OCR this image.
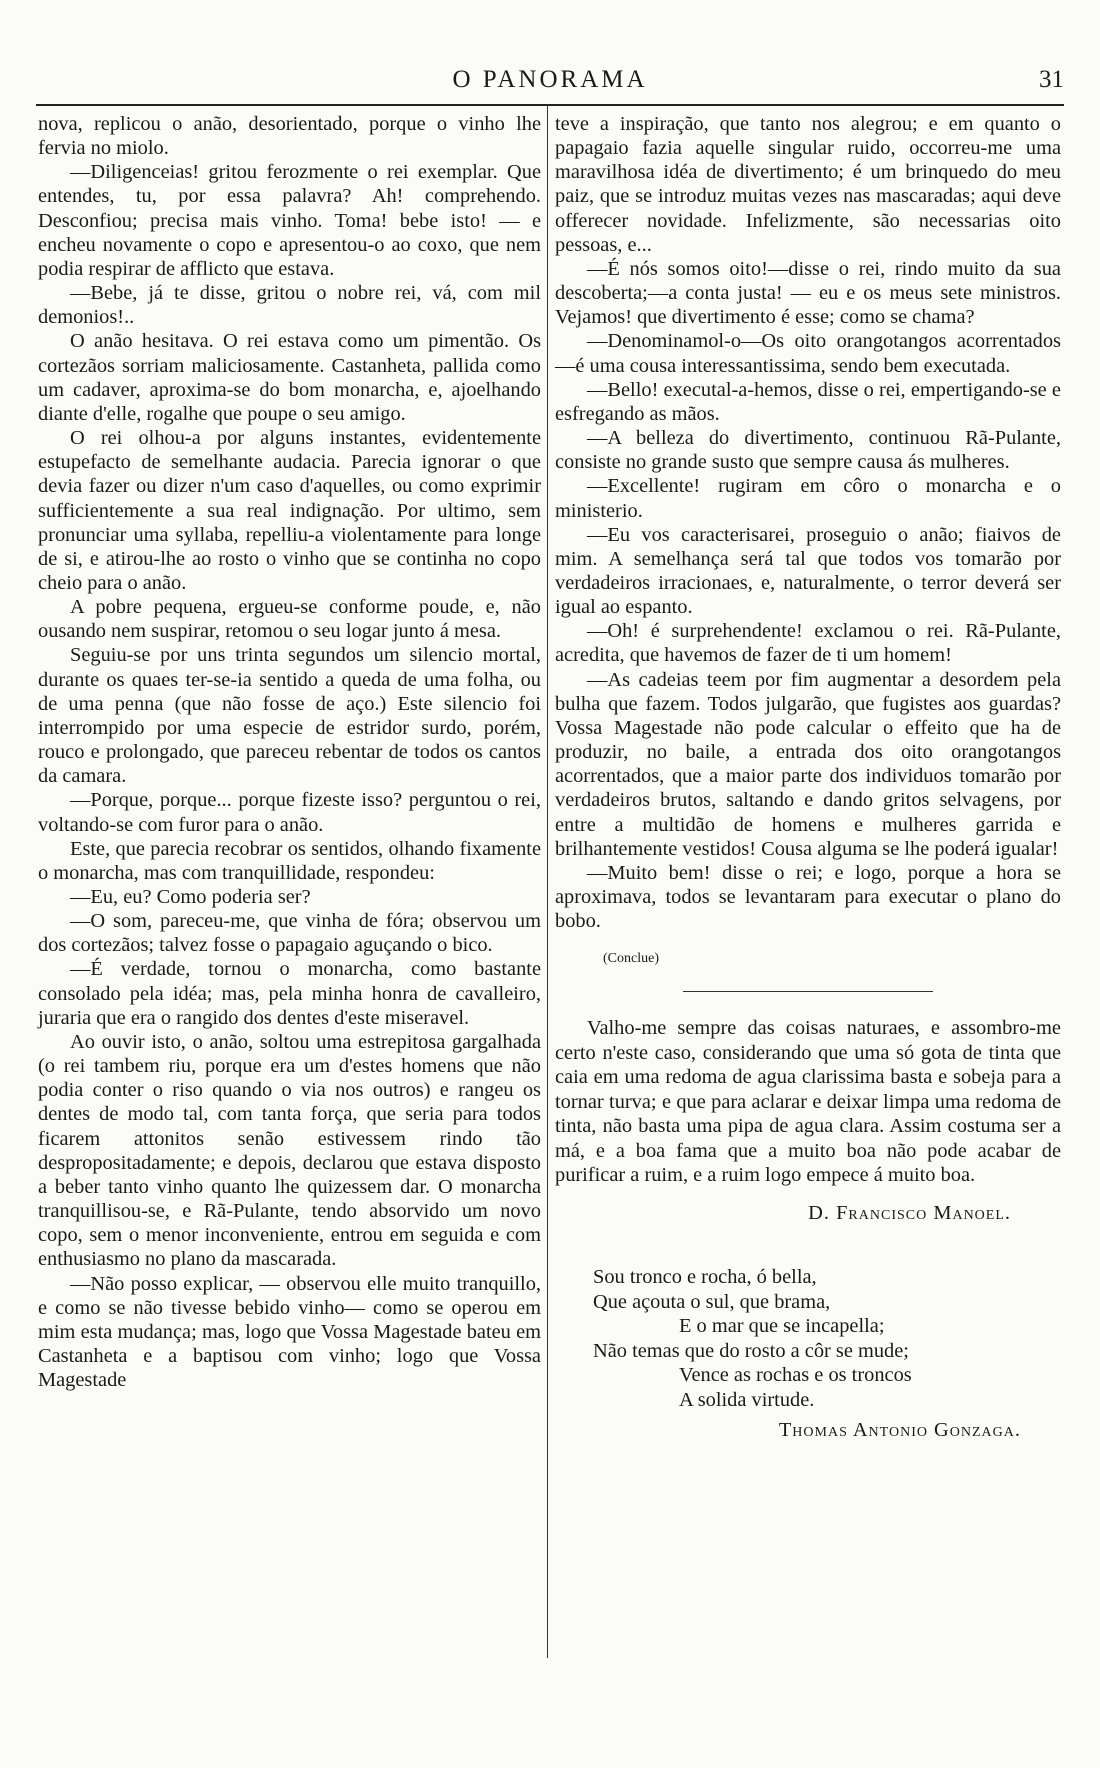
O PANORAMA	31

nova, replicou o anão, desorientado, porque o vinho lhe fervia no miolo.

—Diligenceias! gritou ferozmente o rei exemplar. Que entendes, tu, por essa palavra? Ah! comprehendo. Desconfiou; precisa mais vinho. Toma! bebe isto! — e encheu novamente o copo e apresentou-o ao coxo, que nem podia respirar de afflicto que estava.

—Bebe, já te disse, gritou o nobre rei, vá, com mil demonios!..

O anão hesitava. O rei estava como um pimentão. Os cortezãos sorriam maliciosamente. Castanheta, pallida como um cadaver, aproxima-se do bom monarcha, e, ajoelhando diante d'elle, rogalhe que poupe o seu amigo.

O rei olhou-a por alguns instantes, evidentemente estupefacto de semelhante audacia. Parecia ignorar o que devia fazer ou dizer n'um caso d'aquelles, ou como exprimir sufficientemente a sua real indignação. Por ultimo, sem pronunciar uma syllaba, repelliu-a violentamente para longe de si, e atirou-lhe ao rosto o vinho que se continha no copo cheio para o anão.

A pobre pequena, ergueu-se conforme poude, e, não ousando nem suspirar, retomou o seu logar junto á mesa.

Seguiu-se por uns trinta segundos um silencio mortal, durante os quaes ter-se-ia sentido a queda de uma folha, ou de uma penna (que não fosse de aço.) Este silencio foi interrompido por uma especie de estridor surdo, porém, rouco e prolongado, que pareceu rebentar de todos os cantos da camara.

—Porque, porque... porque fizeste isso? perguntou o rei, voltando-se com furor para o anão.

Este, que parecia recobrar os sentidos, olhando fixamente o monarcha, mas com tranquillidade, respondeu:

—Eu, eu? Como poderia ser?

—O som, pareceu-me, que vinha de fóra; observou um dos cortezãos; talvez fosse o papagaio aguçando o bico.

—É verdade, tornou o monarcha, como bastante consolado pela idéa; mas, pela minha honra de cavalleiro, juraria que era o rangido dos dentes d'este miseravel.

Ao ouvir isto, o anão, soltou uma estrepitosa gargalhada (o rei tambem riu, porque era um d'estes homens que não podia conter o riso quando o via nos outros) e rangeu os dentes de modo tal, com tanta força, que seria para todos ficarem attonitos senão estivessem rindo tão despropositadamente; e depois, declarou que estava disposto a beber tanto vinho quanto lhe quizessem dar. O monarcha tranquillisou-se, e Rã-Pulante, tendo absorvido um novo copo, sem o menor inconveniente, entrou em seguida e com enthusiasmo no plano da mascarada.

—Não posso explicar, — observou elle muito tranquillo, e como se não tivesse bebido vinho— como se operou em mim esta mudança; mas, logo que Vossa Magestade bateu em Castanheta e a baptisou com vinho; logo que Vossa Magestade

teve a inspiração, que tanto nos alegrou; e em quanto o papagaio fazia aquelle singular ruido, occorreu-me uma maravilhosa idéa de divertimento; é um brinquedo do meu paiz, que se introduz muitas vezes nas mascaradas; aqui deve offerecer novidade. Infelizmente, são necessarias oito pessoas, e...

—É nós somos oito!—disse o rei, rindo muito da sua descoberta;—a conta justa! — eu e os meus sete ministros. Vejamos! que divertimento é esse; como se chama?

—Denominamol-o—Os oito orangotangos acorrentados—é uma cousa interessantissima, sendo bem executada.

—Bello! executal-a-hemos, disse o rei, empertigando-se e esfregando as mãos.

—A belleza do divertimento, continuou Rã-Pulante, consiste no grande susto que sempre causa ás mulheres.

—Excellente! rugiram em côro o monarcha e o ministerio.

—Eu vos caracterisarei, proseguio o anão; fiaivos de mim. A semelhança será tal que todos vos tomarão por verdadeiros irracionaes, e, naturalmente, o terror deverá ser igual ao espanto.

—Oh! é surprehendente! exclamou o rei. Rã-Pulante, acredita, que havemos de fazer de ti um homem!

—As cadeias teem por fim augmentar a desordem pela bulha que fazem. Todos julgarão, que fugistes aos guardas? Vossa Magestade não pode calcular o effeito que ha de produzir, no baile, a entrada dos oito orangotangos acorrentados, que a maior parte dos individuos tomarão por verdadeiros brutos, saltando e dando gritos selvagens, por entre a multidão de homens e mulheres garrida e brilhantemente vestidos! Cousa alguma se lhe poderá igualar!

—Muito bem! disse o rei; e logo, porque a hora se aproximava, todos se levantaram para executar o plano do bobo.

(Conclue)

Valho-me sempre das coisas naturaes, e assombro-me certo n'este caso, considerando que uma só gota de tinta que caia em uma redoma de agua clarissima basta e sobeja para a tornar turva; e que para aclarar e deixar limpa uma redoma de tinta, não basta uma pipa de agua clara. Assim costuma ser a má, e a boa fama que a muito boa não pode acabar de purificar a ruim, e a ruim logo empece á muito boa.

D. Francisco Manoel.
Sou tronco e rocha, ó bella,
Que açouta o sul, que brama,
E o mar que se incapella;
Não temas que do rosto a côr se mude;
Vence as rochas e os troncos
A solida virtude.
Thomas Antonio Gonzaga.
